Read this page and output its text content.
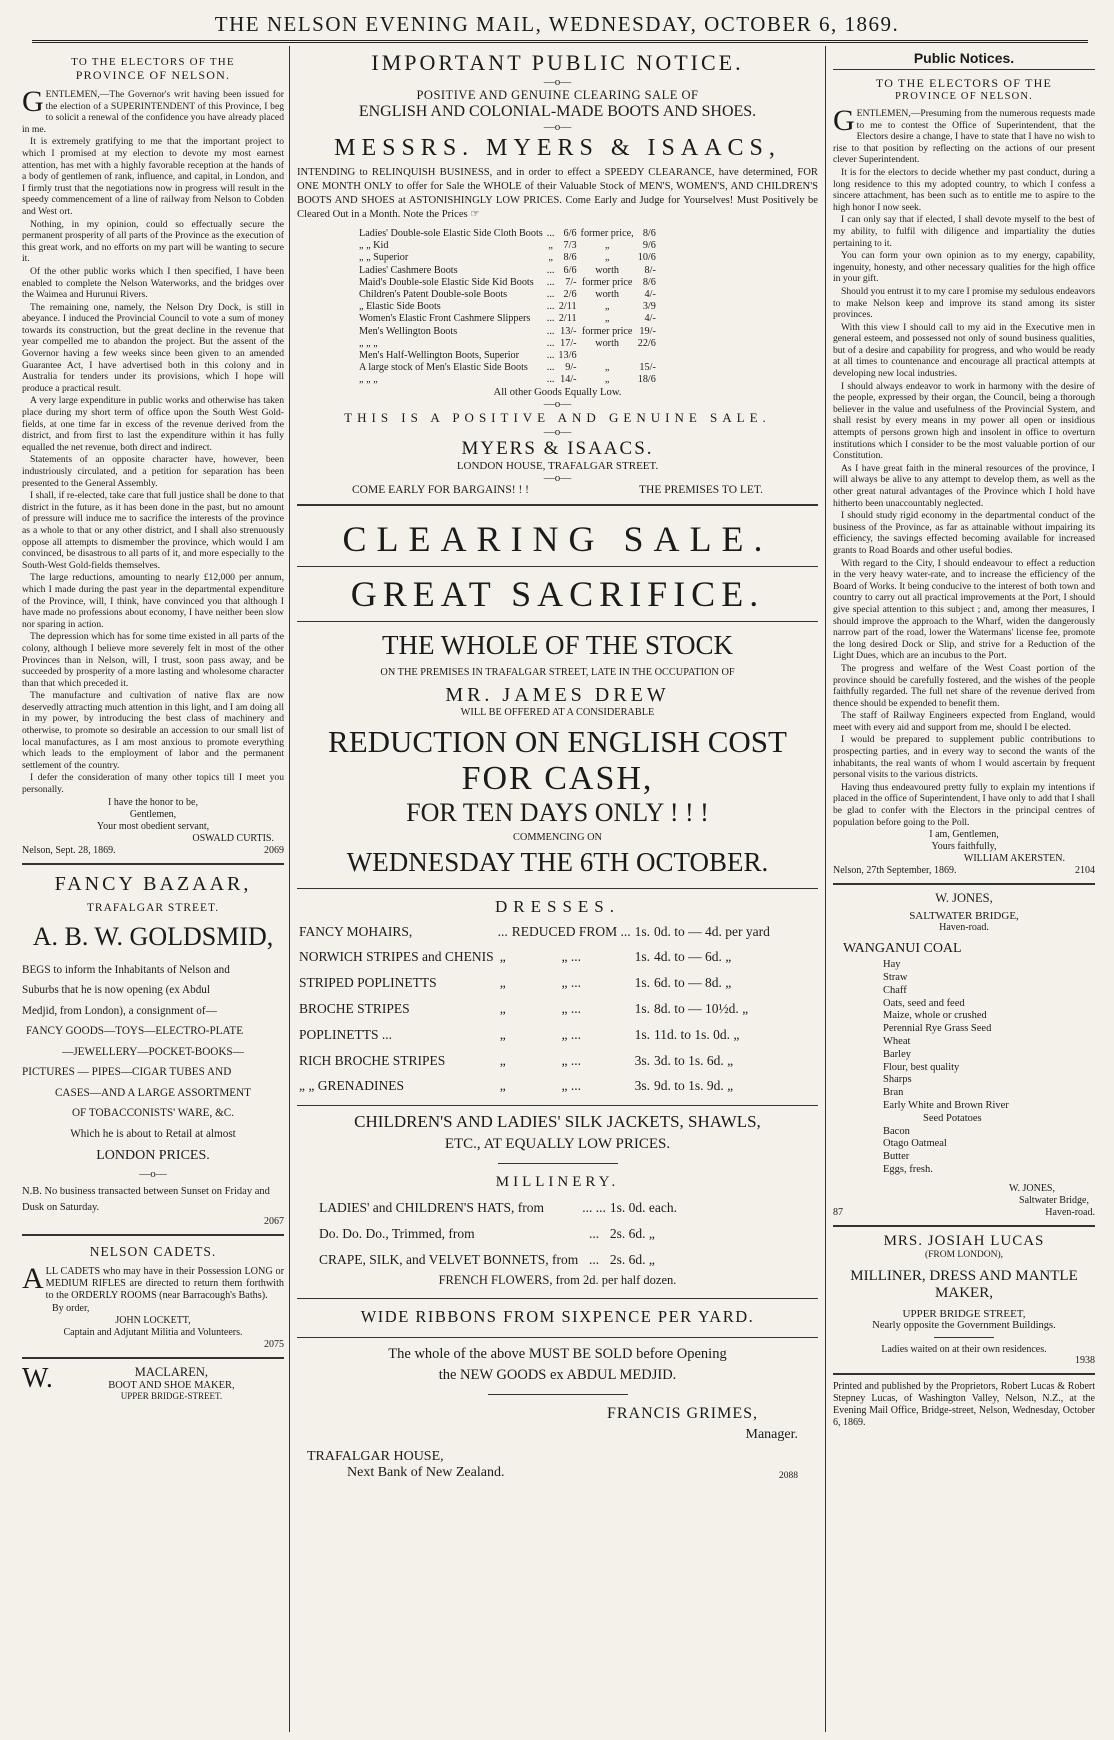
THE NELSON EVENING MAIL, WEDNESDAY, OCTOBER 6, 1869.
TO THE ELECTORS OF THE
PROVINCE OF NELSON.

GENTLEMEN,—The Governor's writ having been issued for the election of a SUPERINTENDENT of this Province, I beg to solicit a renewal of the confidence you have already placed in me.

It is extremely gratifying to me that the important project to which I promised at my election to devote my most earnest attention, has met with a highly favorable reception at the hands of a body of gentlemen of rank, influence, and capital, in London, and I firmly trust that the negotiations now in progress will result in the speedy commencement of a line of railway from Nelson to Cobden and West ort.

Nothing, in my opinion, could so effectually secure the permanent prosperity of all parts of the Province as the execution of this great work, and no efforts on my part will be wanting to secure it.

Of the other public works which I then specified, I have been enabled to complete the Nelson Waterworks, and the bridges over the Waimea and Hurunui Rivers.

The remaining one, namely, the Nelson Dry Dock, is still in abeyance. I induced the Provincial Council to vote a sum of money towards its construction, but the great decline in the revenue that year compelled me to abandon the project. But the assent of the Governor having a few weeks since been given to an amended Guarantee Act, I have advertised both in this colony and in Australia for tenders under its provisions, which I hope will produce a practical result.

A very large expenditure in public works and otherwise has taken place during my short term of office upon the South West Gold-fields, at one time far in excess of the revenue derived from the district, and from first to last the expenditure within it has fully equalled the net revenue, both direct and indirect.

Statements of an opposite character have, however, been industriously circulated, and a petition for separation has been presented to the General Assembly.

I shall, if re-elected, take care that full justice shall be done to that district in the future, as it has been done in the past, but no amount of pressure will induce me to sacrifice the interests of the province as a whole to that or any other district, and I shall also strenuously oppose all attempts to dismember the province, which would I am convinced, be disastrous to all parts of it, and more especially to the South-West Gold-fields themselves.

The large reductions, amounting to nearly £12,000 per annum, which I made during the past year in the departmental expenditure of the Province, will, I think, have convinced you that although I have made no professions about economy, I have neither been slow nor sparing in action.

The depression which has for some time existed in all parts of the colony, although I believe more severely felt in most of the other Provinces than in Nelson, will, I trust, soon pass away, and be succeeded by prosperity of a more lasting and wholesome character than that which preceded it.

The manufacture and cultivation of native flax are now deservedly attracting much attention in this light, and I am doing all in my power, by introducing the best class of machinery and otherwise, to promote so desirable an accession to our small list of local manufactures, as I am most anxious to promote everything which leads to the employment of labor and the permanent settlement of the country.

I defer the consideration of many other topics till I meet you personally.

I have the honor to be,
Gentlemen,
Your most obedient servant,
OSWALD CURTIS.
Nelson, Sept. 28, 1869.	2069
FANCY BAZAAR,
TRAFALGAR STREET.
A. B. W. GOLDSMID,
BEGS to inform the Inhabitants of Nelson and
Suburbs that he is now opening (ex Abdul
Medjid, from London), a consignment of—
FANCY GOODS—TOYS—ELECTRO-PLATE
—JEWELLERY—POCKET-BOOKS—
PICTURES — PIPES—CIGAR TUBES AND
CASES—AND A LARGE ASSORTMENT
OF TOBACCONISTS' WARE, &C.
Which he is about to Retail at almost
LONDON PRICES.
—o—
N.B. No business transacted between Sunset on Friday and Dusk on Saturday.
2067
NELSON CADETS.

ALL CADETS who may have in their Possession LONG or MEDIUM RIFLES are directed to return them forthwith to the ORDERLY ROOMS (near Barracough's Baths).

By order,
JOHN LOCKETT,
Captain and Adjutant Militia and Volunteers.
2075
W.	MACLAREN,
BOOT AND SHOE MAKER,
UPPER BRIDGE-STREET.
IMPORTANT PUBLIC NOTICE.
—o—
POSITIVE AND GENUINE CLEARING SALE OF
ENGLISH AND COLONIAL-MADE BOOTS AND SHOES.
—o—
MESSRS. MYERS & ISAACS,
INTENDING to RELINQUISH BUSINESS, and in order to effect a SPEEDY CLEARANCE, have determined, FOR ONE MONTH ONLY to offer for Sale the WHOLE of their Valuable Stock of MEN'S, WOMEN'S, AND CHILDREN'S BOOTS AND SHOES at ASTONISHINGLY LOW PRICES. Come Early and Judge for Yourselves! Must Positively be Cleared Out in a Month. Note the Prices ☞
Ladies' Double-sole Elastic Side Cloth Boots	...	6/6	former price,	8/6
„ „ Kid	„	7/3	„	9/6
„ „ Superior	„	8/6	„	10/6
Ladies' Cashmere Boots	...	6/6	worth	8/-
Maid's Double-sole Elastic Side Kid Boots	...	7/-	former price	8/6
Children's Patent Double-sole Boots	...	2/6	worth	4/-
„ Elastic Side Boots	...	2/11	„	3/9
Women's Elastic Front Cashmere Slippers	...	2/11	„	4/-
Men's Wellington Boots	...	13/-	former price	19/-
„ „ „	...	17/-	worth	22/6
Men's Half-Wellington Boots, Superior	...	13/6		
A large stock of Men's Elastic Side Boots	...	9/-	„	15/-
„ „ „	...	14/-	„	18/6
All other Goods Equally Low.
—o—
THIS IS A POSITIVE AND GENUINE SALE.
—o—
MYERS & ISAACS.
LONDON HOUSE, TRAFALGAR STREET.
—o—
COME EARLY FOR BARGAINS! ! !	THE PREMISES TO LET.
CLEARING SALE.
GREAT SACRIFICE.
THE WHOLE OF THE STOCK
ON THE PREMISES IN TRAFALGAR STREET, LATE IN THE OCCUPATION OF
MR. JAMES DREW
WILL BE OFFERED AT A CONSIDERABLE
REDUCTION ON ENGLISH COST
FOR CASH,
FOR TEN DAYS ONLY ! ! !
COMMENCING ON
WEDNESDAY THE 6TH OCTOBER.
DRESSES.
FANCY MOHAIRS,	...	REDUCED FROM ...	1s.	0d. to — 4d. per yard
NORWICH STRIPES and CHENIS	„	„ ...	1s.	4d. to — 6d. „
STRIPED POPLINETTS	„	„ ...	1s.	6d. to — 8d. „
BROCHE STRIPES	„	„ ...	1s.	8d. to — 10½d. „
POPLINETTS ...	„	„ ...	1s.	11d. to 1s. 0d. „
RICH BROCHE STRIPES	„	„ ...	3s.	3d. to 1s. 6d. „
„ „ GRENADINES	„	„ ...	3s.	9d. to 1s. 9d. „
CHILDREN'S AND LADIES' SILK JACKETS, SHAWLS,
ETC., AT EQUALLY LOW PRICES.
MILLINERY.
LADIES' and CHILDREN'S HATS, from	... ...	1s. 0d. each.
Do. Do. Do., Trimmed, from	...	2s. 6d. „
CRAPE, SILK, and VELVET BONNETS, from	...	2s. 6d. „
FRENCH FLOWERS, from 2d. per half dozen.
WIDE RIBBONS FROM SIXPENCE PER YARD.
The whole of the above MUST BE SOLD before Opening
the NEW GOODS ex ABDUL MEDJID.
FRANCIS GRIMES,
Manager.
TRAFALGAR HOUSE,
Next Bank of New Zealand.	2088
Public Notices.
TO THE ELECTORS OF THE
PROVINCE OF NELSON.

GENTLEMEN,—Presuming from the numerous requests made to me to contest the Office of Superintendent, that the Electors desire a change, I have to state that I have no wish to rise to that position by reflecting on the actions of our present clever Superintendent.

It is for the electors to decide whether my past conduct, during a long residence to this my adopted country, to which I confess a sincere attachment, has been such as to entitle me to aspire to the high honor I now seek.

I can only say that if elected, I shall devote myself to the best of my ability, to fulfil with diligence and impartiality the duties pertaining to it.

You can form your own opinion as to my energy, capability, ingenuity, honesty, and other necessary qualities for the high office in your gift.

Should you entrust it to my care I promise my sedulous endeavors to make Nelson keep and improve its stand among its sister provinces.

With this view I should call to my aid in the Executive men in general esteem, and possessed not only of sound business qualities, but of a desire and capability for progress, and who would be ready at all times to countenance and encourage all practical attempts at developing new local industries.

I should always endeavor to work in harmony with the desire of the people, expressed by their organ, the Council, being a thorough believer in the value and usefulness of the Provincial System, and shall resist by every means in my power all open or insidious attempts of persons grown high and insolent in office to overturn institutions which I consider to be the most valuable portion of our Constitution.

As I have great faith in the mineral resources of the province, I will always be alive to any attempt to develop them, as well as the other great natural advantages of the Province which I hold have hitherto been unaccountably neglected.

I should study rigid economy in the departmental conduct of the business of the Province, as far as attainable without impairing its efficiency, the savings effected becoming available for increased grants to Road Boards and other useful bodies.

With regard to the City, I should endeavour to effect a reduction in the very heavy water-rate, and to increase the efficiency of the Board of Works. It being conducive to the interest of both town and country to carry out all practical improvements at the Port, I should give special attention to this subject ; and, among ther measures, I should improve the approach to the Wharf, widen the dangerously narrow part of the road, lower the Watermans' license fee, promote the long desired Dock or Slip, and strive for a Reduction of the Light Dues, which are an incubus to the Port.

The progress and welfare of the West Coast portion of the province should be carefully fostered, and the wishes of the people faithfully regarded. The full net share of the revenue derived from thence should be expended to benefit them.

The staff of Railway Engineers expected from England, would meet with every aid and support from me, should I be elected.

I would be prepared to supplement public contributions to prospecting parties, and in every way to second the wants of the inhabitants, the real wants of whom I would ascertain by frequent personal visits to the various districts.

Having thus endeavoured pretty fully to explain my intentions if placed in the office of Superintendent, I have only to add that I shall be glad to confer with the Electors in the principal centres of population before going to the Poll.

I am, Gentlemen,
Yours faithfully,
WILLIAM AKERSTEN.
Nelson, 27th September, 1869.	2104
W. JONES,
SALTWATER BRIDGE,
Haven-road.
WANGANUI COAL
Hay
Straw
Chaff
Oats, seed and feed
Maize, whole or crushed
Perennial Rye Grass Seed
Wheat
Barley
Flour, best quality
Sharps
Bran
Early White and Brown River
Seed Potatoes
Bacon
Otago Oatmeal
Butter
Eggs, fresh.
W. JONES,
Saltwater Bridge,
87	Haven-road.
MRS. JOSIAH LUCAS
(FROM LONDON),
MILLINER, DRESS AND MANTLE
MAKER,
UPPER BRIDGE STREET,
Nearly opposite the Government Buildings.
Ladies waited on at their own residences.
1938
Printed and published by the Proprietors, Robert Lucas & Robert Stepney Lucas, of Washington Valley, Nelson, N.Z., at the Evening Mail Office, Bridge-street, Nelson, Wednesday, October 6, 1869.
